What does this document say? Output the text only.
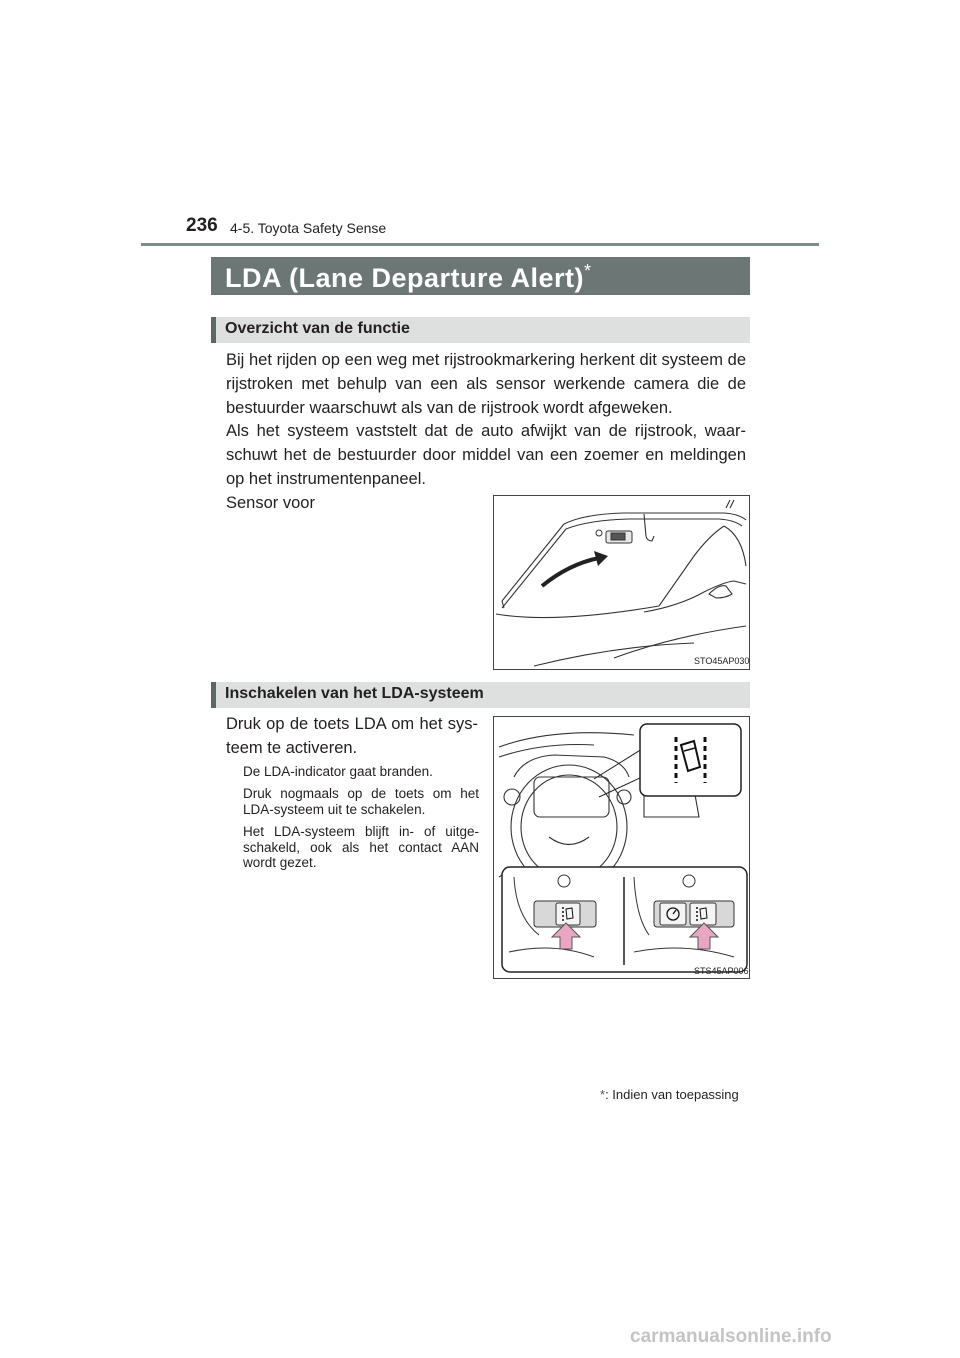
236 4-5. Toyota Safety Sense
LDA (Lane Departure Alert)*
Overzicht van de functie

Bij het rijden op een weg met rijstrookmarkering herkent dit systeem de rijstroken met behulp van een als sensor werkende camera die de bestuurder waarschuwt als van de rijstrook wordt afgeweken.

Als het systeem vaststelt dat de auto afwijkt van de rijstrook, waar-schuwt het de bestuurder door middel van een zoemer en meldingen op het instrumentenpaneel.

Sensor voor

STO45AP030
Inschakelen van het LDA-systeem

Druk op de toets LDA om het sys-teem te activeren.

De LDA-indicator gaat branden.

Druk nogmaals op de toets om het LDA-systeem uit te schakelen.

Het LDA-systeem blijft in- of uitge-schakeld, ook als het contact AAN wordt gezet.

STS45AP006
*: Indien van toepassing
carmanualsonline.info
